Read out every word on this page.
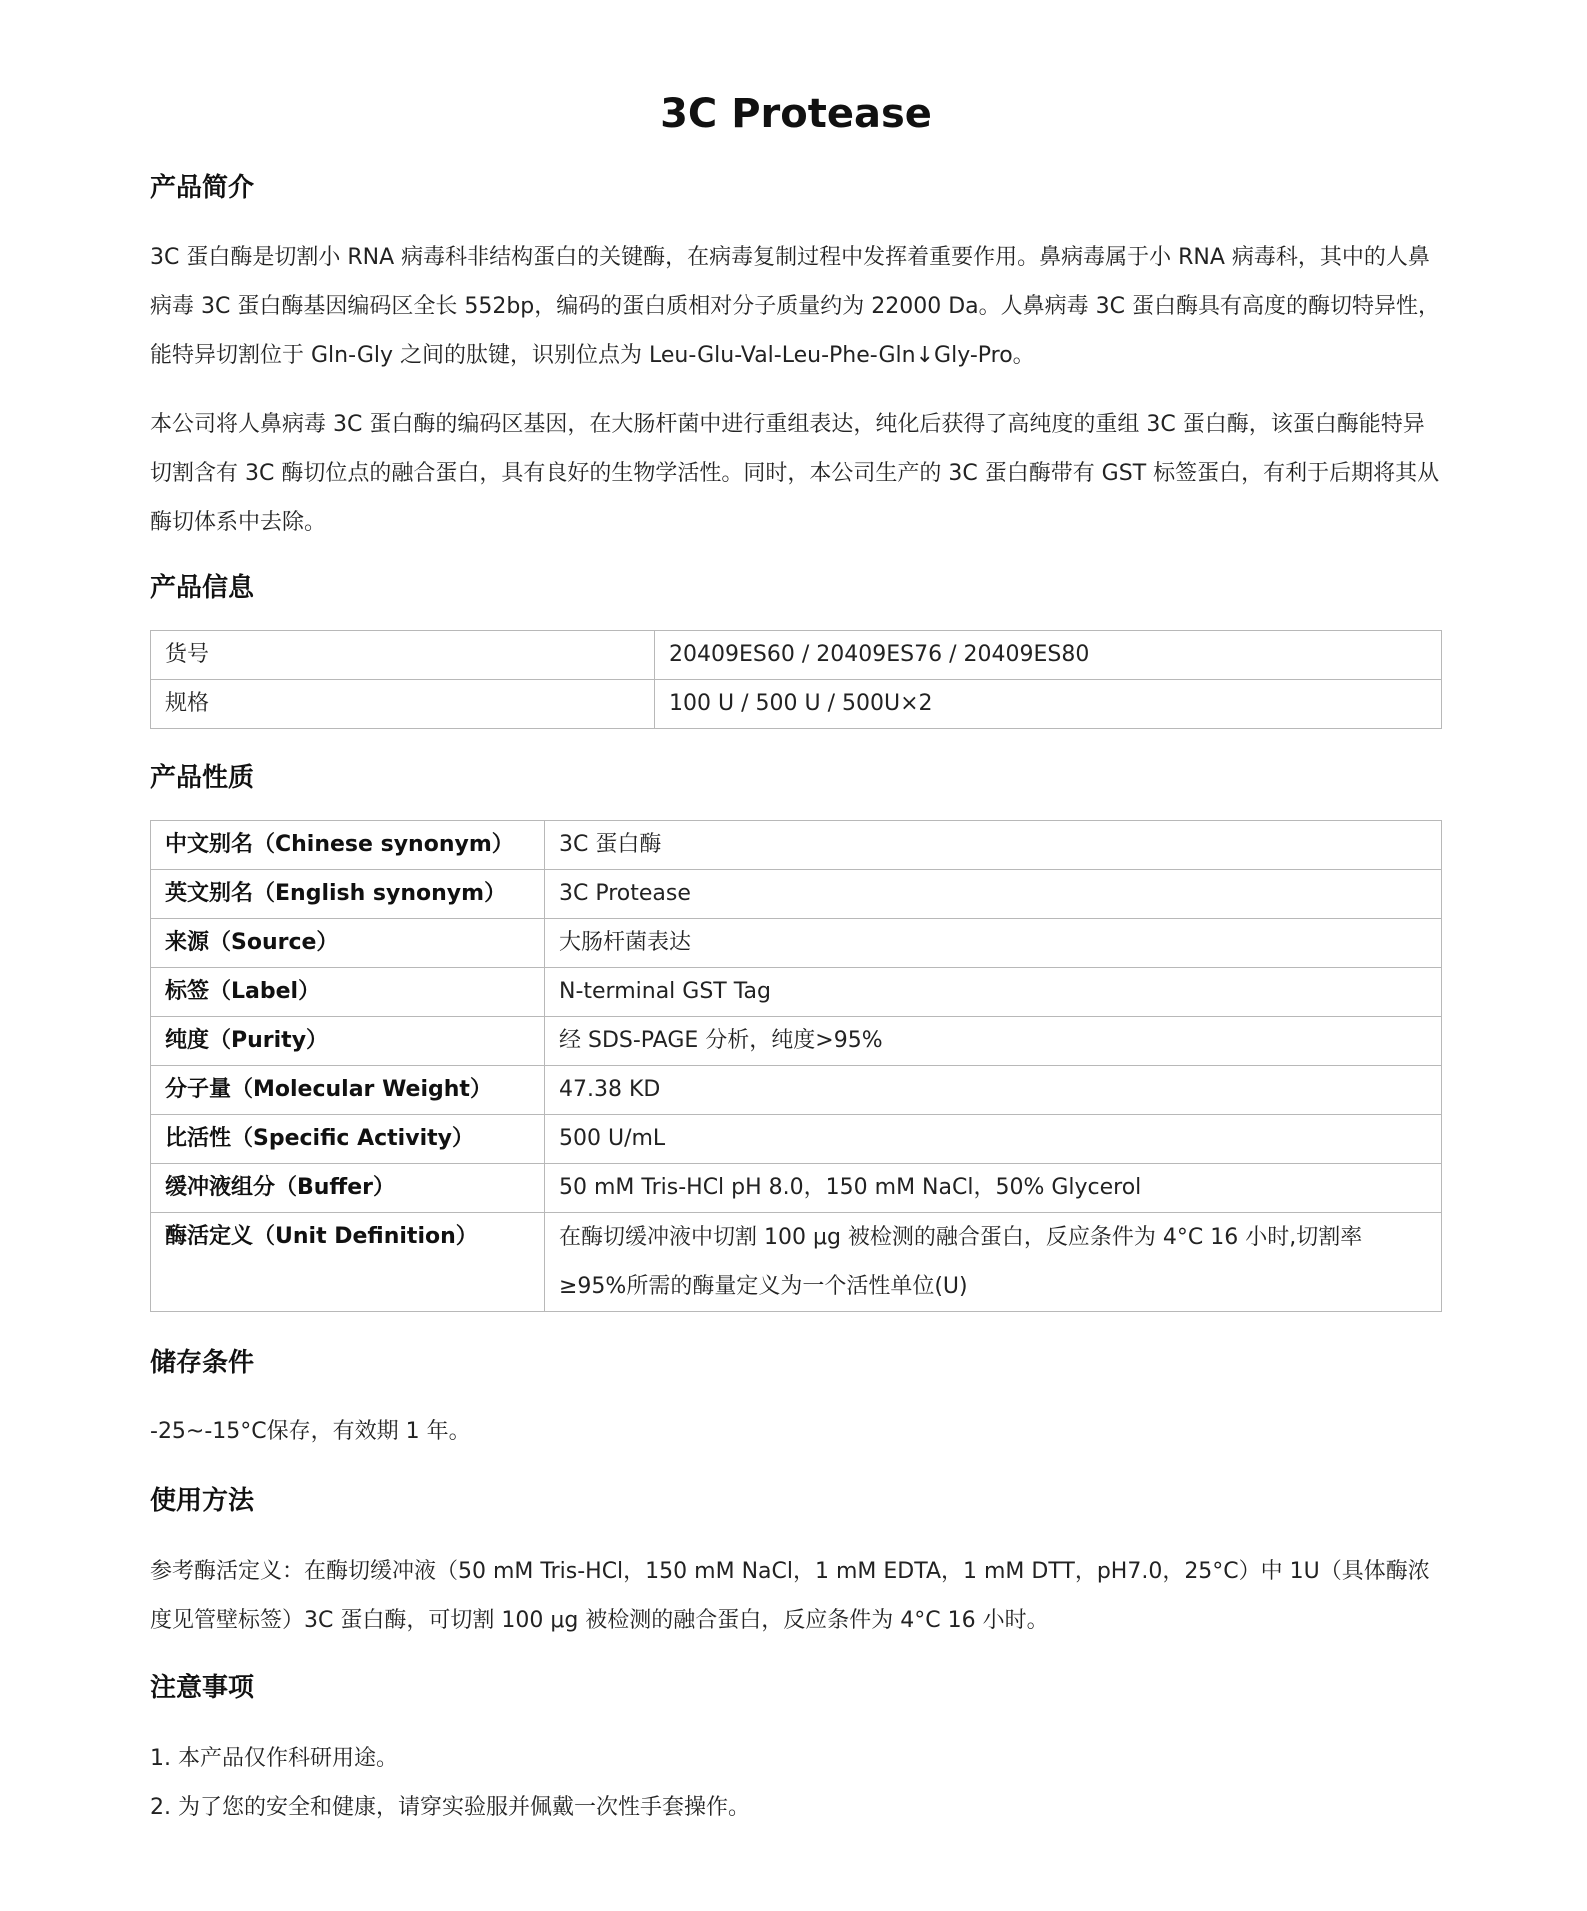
3C Protease
产品简介

3C 蛋白酶是切割小 RNA 病毒科非结构蛋白的关键酶，在病毒复制过程中发挥着重要作用。鼻病毒属于小 RNA 病毒科，其中的人鼻病毒 3C 蛋白酶基因编码区全长 552bp，编码的蛋白质相对分子质量约为 22000 Da。人鼻病毒 3C 蛋白酶具有高度的酶切特异性，能特异切割位于 Gln-Gly 之间的肽键，识别位点为 Leu-Glu-Val-Leu-Phe-Gln↓Gly-Pro。

本公司将人鼻病毒 3C 蛋白酶的编码区基因，在大肠杆菌中进行重组表达，纯化后获得了高纯度的重组 3C 蛋白酶，该蛋白酶能特异切割含有 3C 酶切位点的融合蛋白，具有良好的生物学活性。同时，本公司生产的 3C 蛋白酶带有 GST 标签蛋白，有利于后期将其从酶切体系中去除。

产品信息
货号	20409ES60 / 20409ES76 / 20409ES80
规格	100 U / 500 U / 500U×2
产品性质
中文别名（Chinese synonym）	3C 蛋白酶
英文别名（English synonym）	3C Protease
来源（Source）	大肠杆菌表达
标签（Label）	N-terminal GST Tag
纯度（Purity）	经 SDS-PAGE 分析，纯度>95%
分子量（Molecular Weight）	47.38 KD
比活性（Specific Activity）	500 U/mL
缓冲液组分（Buffer）	50 mM Tris-HCl pH 8.0，150 mM NaCl，50% Glycerol
酶活定义（Unit Definition）	在酶切缓冲液中切割 100 μg 被检测的融合蛋白，反应条件为 4°C 16 小时,切割率≥95%所需的酶量定义为一个活性单位(U)
储存条件

-25~-15°C保存，有效期 1 年。

使用方法

参考酶活定义：在酶切缓冲液（50 mM Tris-HCl，150 mM NaCl，1 mM EDTA，1 mM DTT，pH7.0，25°C）中 1U（具体酶浓度见管壁标签）3C 蛋白酶，可切割 100 μg 被检测的融合蛋白，反应条件为 4°C 16 小时。

注意事项

1. 本产品仅作科研用途。

2. 为了您的安全和健康，请穿实验服并佩戴一次性手套操作。
